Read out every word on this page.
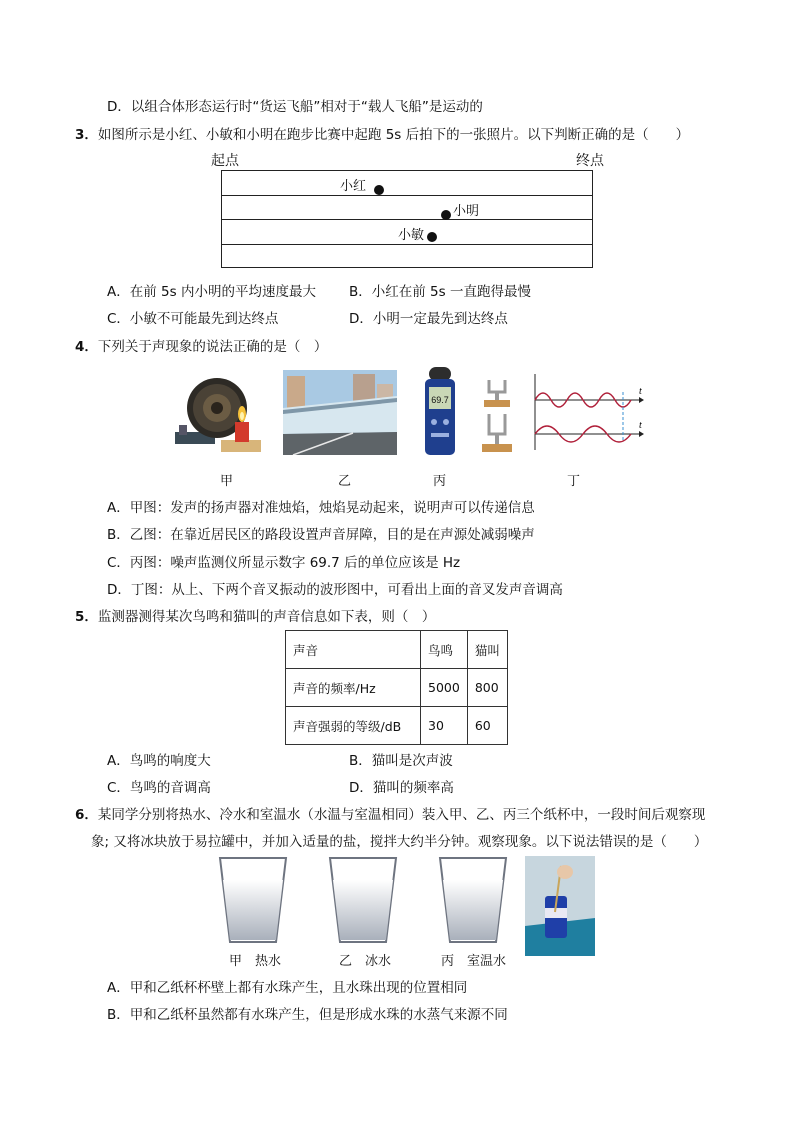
D．以组合体形态运行时“货运飞船”相对于“载人飞船”是运动的
3．如图所示是小红、小敏和小明在跑步比赛中起跑 5s 后拍下的一张照片。以下判断正确的是（　　）
起点	终点
小红
小明
小敏
A．在前 5s 内小明的平均速度最大 B．小红在前 5s 一直跑得最慢
C．小敏不可能最先到达终点	D．小明一定最先到达终点
4．下列关于声现象的说法正确的是（　）
69.7
t
t
甲	乙	丙	丁
A．甲图：发声的扬声器对准烛焰，烛焰晃动起来，说明声可以传递信息
B．乙图：在靠近居民区的路段设置声音屏障，目的是在声源处减弱噪声
C．丙图：噪声监测仪所显示数字 69.7 后的单位应该是 Hz
D．丁图：从上、下两个音叉振动的波形图中，可看出上面的音叉发声音调高
5．监测器测得某次鸟鸣和猫叫的声音信息如下表，则（　）
声音	鸟鸣	猫叫
声音的频率/Hz	5000	800
声音强弱的等级/dB	30	60
A．鸟鸣的响度大	B．猫叫是次声波
C．鸟鸣的音调高	D．猫叫的频率高
6．某同学分别将热水、冷水和室温水（水温与室温相同）装入甲、乙、丙三个纸杯中，一段时间后观察现
象; 又将冰块放于易拉罐中，并加入适量的盐，搅拌大约半分钟。观察现象。以下说法错误的是（　　）
甲　热水	乙　冰水	丙　室温水
A．甲和乙纸杯杯壁上都有水珠产生，且水珠出现的位置相同
B．甲和乙纸杯虽然都有水珠产生，但是形成水珠的水蒸气来源不同
